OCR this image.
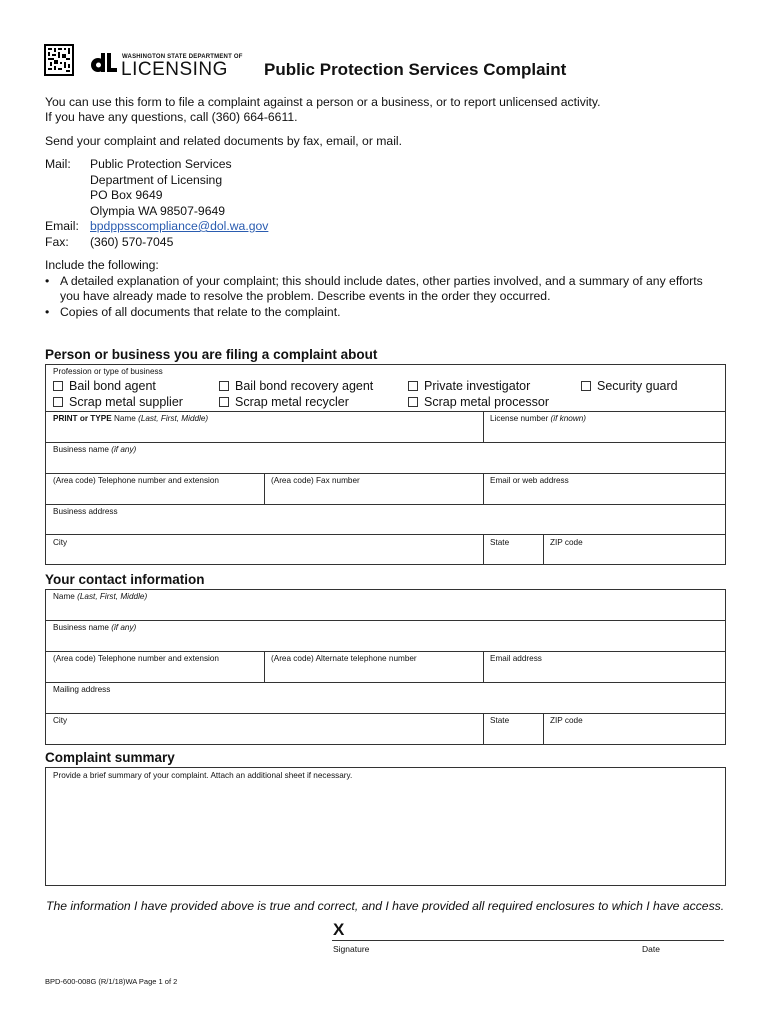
WASHINGTON STATE DEPARTMENT OF
LICENSING Public Protection Services Complaint
You can use this form to file a complaint against a person or a business, or to report unlicensed activity.
If you have any questions, call (360) 664-6611.
Send your complaint and related documents by fax, email, or mail.
Mail: Public Protection Services
Department of Licensing
PO Box 9649
Olympia WA 98507-9649
Email: bpdppsscompliance@dol.wa.gov
Fax: (360) 570-7045
Include the following:
• A detailed explanation of your complaint; this should include dates, other parties involved, and a summary of any efforts
you have already made to resolve the problem. Describe events in the order they occurred.
• Copies of all documents that relate to the complaint.
Person or business you are filing a complaint about
Profession or type of business
Bail bond agent	Bail bond recovery agent	Private investigator	Security guard
Scrap metal supplier	Scrap metal recycler	Scrap metal processor
PRINT or TYPE Name (Last, First, Middle)	License number (if known)
Business name (if any)
(Area code) Telephone number and extension	(Area code) Fax number	Email or web address
Business address
City	State	ZIP code
Your contact information
Name (Last, First, Middle)
Business name (if any)
(Area code) Telephone number and extension	(Area code) Alternate telephone number	Email address
Mailing address
City	State	ZIP code
Complaint summary
Provide a brief summary of your complaint. Attach an additional sheet if necessary.
The information I have provided above is true and correct, and I have provided all required enclosures to which I have access.
X
Signature	Date
BPD-600-008G (R/1/18)WA Page 1 of 2
